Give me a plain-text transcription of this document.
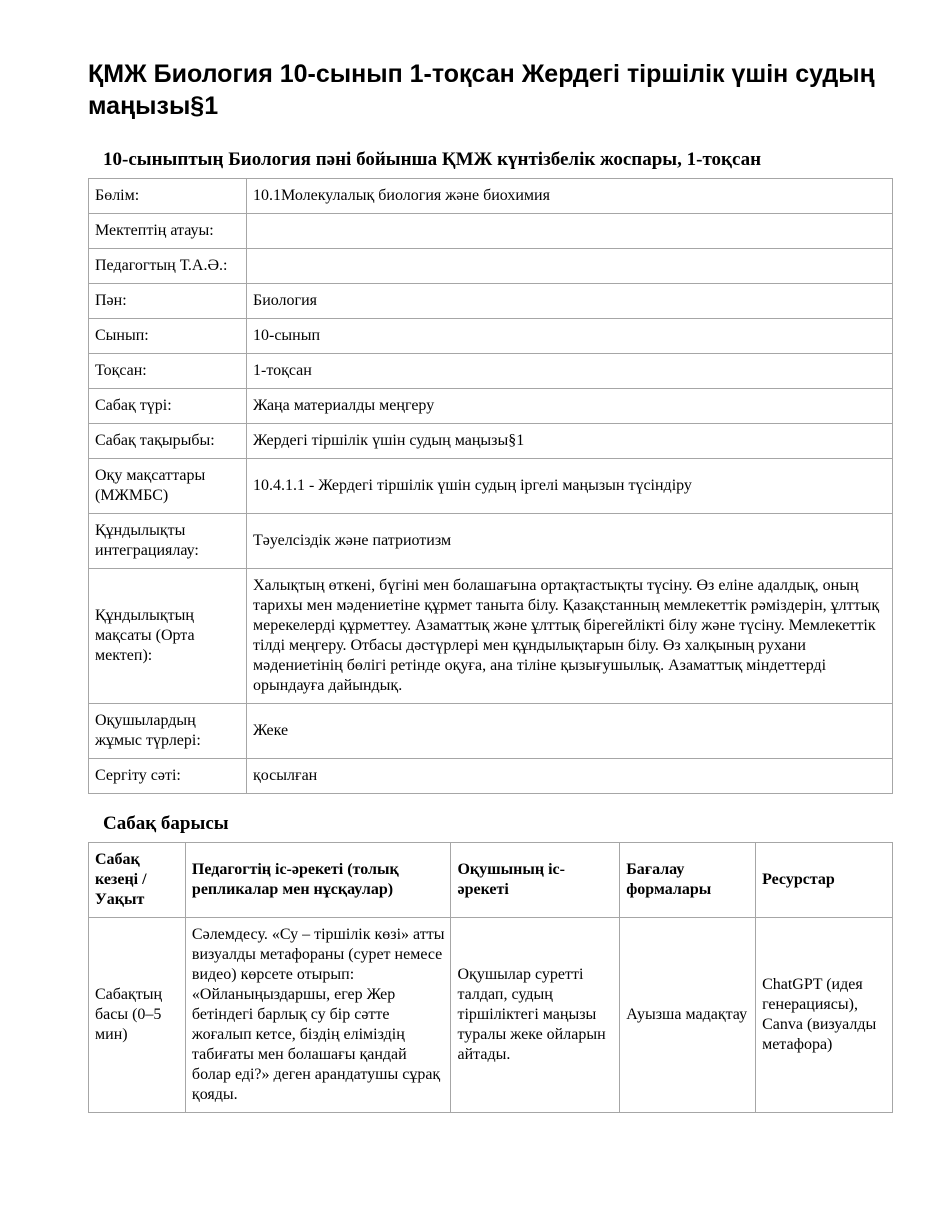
ҚМЖ Биология 10-сынып 1-тоқсан Жердегі тіршілік үшін судың маңызы§1
10-сыныптың Биология пәні бойынша ҚМЖ күнтізбелік жоспары, 1-тоқсан
Бөлім:	10.1Молекулалық биология және биохимия
Мектептің атауы:	
Педагогтың Т.А.Ә.:	
Пән:	Биология
Сынып:	10-сынып
Тоқсан:	1-тоқсан
Сабақ түрі:	Жаңа материалды меңгеру
Сабақ тақырыбы:	Жердегі тіршілік үшін судың маңызы§1
Оқу мақсаттары (МЖМБС)	10.4.1.1 - Жердегі тіршілік үшін судың іргелі маңызын түсіндіру
Құндылықты интеграциялау:	Тәуелсіздік және патриотизм
Құндылықтың мақсаты (Орта мектеп):	Халықтың өткені, бүгіні мен болашағына ортақтастықты түсіну. Өз еліне адалдық, оның тарихы мен мәдениетіне құрмет таныта білу. Қазақстанның мемлекеттік рәміздерін, ұлттық мерекелерді құрметтеу. Азаматтық және ұлттық бірегейлікті білу және түсіну. Мемлекеттік тілді меңгеру. Отбасы дәстүрлері мен құндылықтарын білу. Өз халқының рухани мәдениетінің бөлігі ретінде оқуға, ана тіліне қызығушылық. Азаматтық міндеттерді орындауға дайындық.
Оқушылардың жұмыс түрлері:	Жеке
Сергіту сәті:	қосылған
Сабақ барысы
Сабақ кезеңі / Уақыт	Педагогтің іс-әрекеті (толық репликалар мен нұсқаулар)	Оқушының іс-әрекеті	Бағалау формалары	Ресурстар
Сабақтың басы (0–5 мин)	Сәлемдесу. «Су – тіршілік көзі» атты визуалды метафораны (сурет немесе видео) көрсете отырып: «Ойланыңыздаршы, егер Жер бетіндегі барлық су бір сәтте жоғалып кетсе, біздің еліміздің табиғаты мен болашағы қандай болар еді?» деген арандатушы сұрақ қояды.	Оқушылар суретті талдап, судың тіршіліктегі маңызы туралы жеке ойларын айтады.	Ауызша мадақтау	ChatGPT (идея генерациясы), Canva (визуалды метафора)
